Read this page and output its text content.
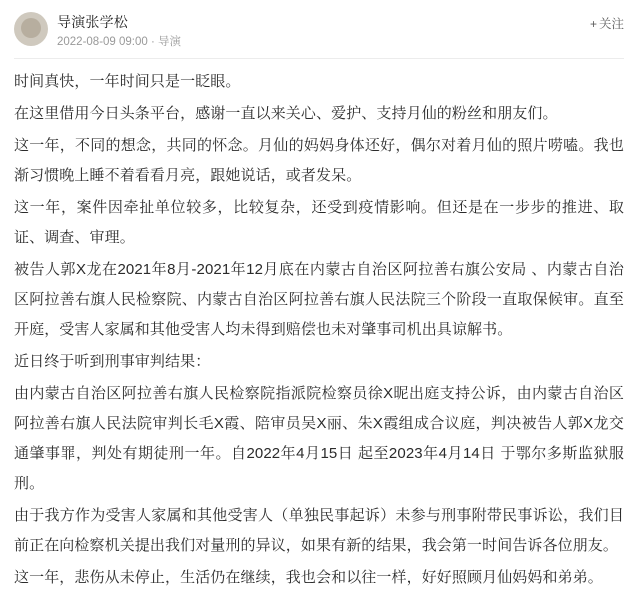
导演张学松
2022-08-09 09:00 · 导演
+ 关注

时间真快，一年时间只是一眨眼。

在这里借用今日头条平台，感谢一直以来关心、爱护、支持月仙的粉丝和朋友们。

这一年，不同的想念，共同的怀念。月仙的妈妈身体还好，偶尔对着月仙的照片唠嗑。我也渐习惯晚上睡不着看看月亮，跟她说话，或者发呆。

这一年，案件因牵扯单位较多，比较复杂，还受到疫情影响。但还是在一步步的推进、取证、调查、审理。

被告人郭X龙在2021年8月-2021年12月底在内蒙古自治区阿拉善右旗公安局 、内蒙古自治区阿拉善右旗人民检察院、内蒙古自治区阿拉善右旗人民法院三个阶段一直取保候审。直至开庭，受害人家属和其他受害人均未得到赔偿也未对肇事司机出具谅解书。

近日终于听到刑事审判结果：

由内蒙古自治区阿拉善右旗人民检察院指派院检察员徐X昵出庭支持公诉，由内蒙古自治区阿拉善右旗人民法院审判长毛X霞、陪审员吴X丽、朱X霞组成合议庭，判决被告人郭X龙交通肇事罪，判处有期徒刑一年。自2022年4月15日 起至2023年4月14日 于鄂尔多斯监狱服刑。

由于我方作为受害人家属和其他受害人（单独民事起诉）未参与刑事附带民事诉讼，我们目前正在向检察机关提出我们对量刑的异议，如果有新的结果，我会第一时间告诉各位朋友。

这一年，悲伤从未停止，生活仍在继续，我也会和以往一样，好好照顾月仙妈妈和弟弟。
